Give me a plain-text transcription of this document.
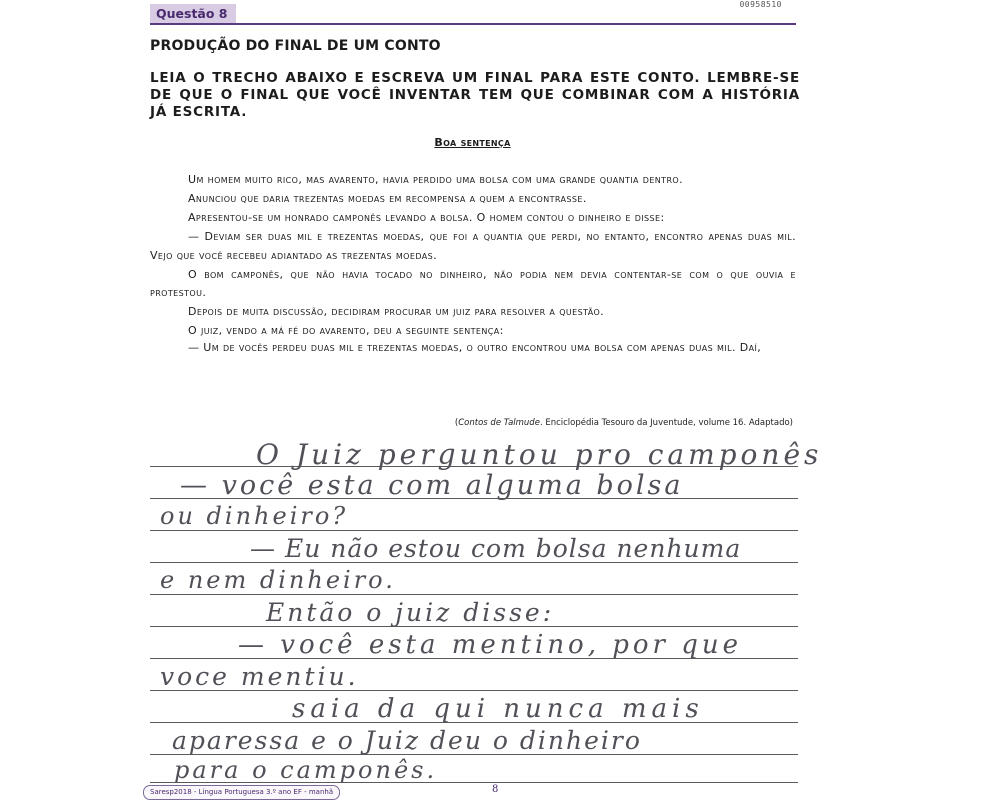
Questão 8
00958510
PRODUÇÃO DO FINAL DE UM CONTO
LEIA O TRECHO ABAIXO E ESCREVA UM FINAL PARA ESTE CONTO. LEMBRE-SE DE QUE O FINAL QUE VOCÊ INVENTAR TEM QUE COMBINAR COM A HISTÓRIA JÁ ESCRITA.
Boa sentença

Um homem muito rico, mas avarento, havia perdido uma bolsa com uma grande quantia dentro.

Anunciou que daria trezentas moedas em recompensa a quem a encontrasse.

Apresentou-se um honrado camponês levando a bolsa. O homem contou o dinheiro e disse:

— Deviam ser duas mil e trezentas moedas, que foi a quantia que perdi, no entanto, encontro apenas duas mil. Vejo que você recebeu adiantado as trezentas moedas.

O bom camponês, que não havia tocado no dinheiro, não podia nem devia contentar-se com o que ouvia e protestou.

Depois de muita discussão, decidiram procurar um juiz para resolver a questão.

O juiz, vendo a má fé do avarento, deu a seguinte sentença:

— Um de vocês perdeu duas mil e trezentas moedas, o outro encontrou uma bolsa com apenas duas mil. Daí,

(Contos de Talmude. Enciclopédia Tesouro da Juventude, volume 16. Adaptado)
O Juiz perguntou pro camponês
— você esta com alguma bolsa
ou dinheiro?
— Eu não estou com bolsa nenhuma
e nem dinheiro.
Então o juiz disse:
— você esta mentino, por que
voce mentiu.
saia da qui nunca mais
aparessa e o Juiz deu o dinheiro
para o camponês.
Saresp2018 - Língua Portuguesa 3.º ano EF - manhã	8
